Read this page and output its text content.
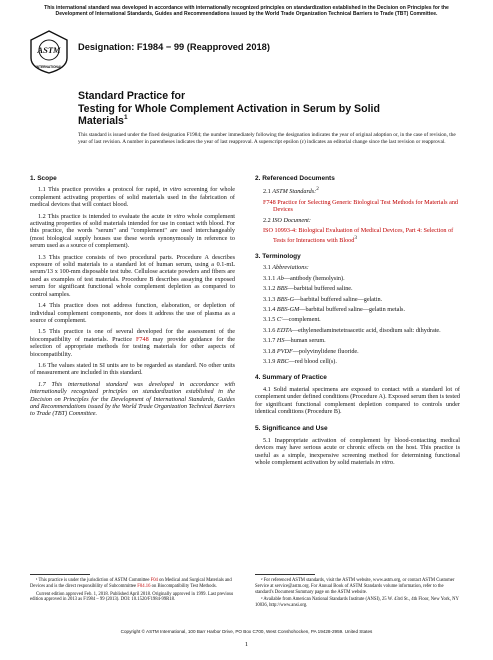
This international standard was developed in accordance with internationally recognized principles on standardization established in the Decision on Principles for the Development of International Standards, Guides and Recommendations issued by the World Trade Organization Technical Barriers to Trade (TBT) Committee.
ASTM
INTERNATIONAL
Designation: F1984 − 99 (Reapproved 2018)
Standard Practice for
Testing for Whole Complement Activation in Serum by Solid
Materials$^1$
This standard is issued under the fixed designation F1984; the number immediately following the designation indicates the year of original adoption or, in the case of revision, the year of last revision. A number in parentheses indicates the year of last reapproval. A superscript epsilon (ε) indicates an editorial change since the last revision or reapproval.
1. Scope

1.1 This practice provides a protocol for rapid, in vitro screening for whole complement activating properties of solid materials used in the fabrication of medical devices that will contact blood.

1.2 This practice is intended to evaluate the acute in vitro whole complement activating properties of solid materials intended for use in contact with blood. For this practice, the words "serum" and "complement" are used interchangeably (most biological supply houses use these words synonymously in reference to serum used as a source of complement).

1.3 This practice consists of two procedural parts. Procedure A describes exposure of solid materials to a standard lot of human serum, using a 0.1-mL serum/13 x 100-mm disposable test tube. Cellulose acetate powders and fibers are used as examples of test materials. Procedure B describes assaying the exposed serum for significant functional whole complement depletion as compared to control samples.

1.4 This practice does not address function, elaboration, or depletion of individual complement components, nor does it address the use of plasma as a source of complement.

1.5 This practice is one of several developed for the assessment of the biocompatibility of materials. Practice F748 may provide guidance for the selection of appropriate methods for testing materials for other aspects of biocompatibility.

1.6 The values stated in SI units are to be regarded as standard. No other units of measurement are included in this standard.

1.7 This international standard was developed in accordance with internationally recognized principles on standardization established in the Decision on Principles for the Development of International Standards, Guides and Recommendations issued by the World Trade Organization Technical Barriers to Trade (TBT) Committee.

2. Referenced Documents
2.1 ASTM Standards:$^2$
F748 Practice for Selecting Generic Biological Test Methods for Materials and Devices
2.2 ISO Document:
ISO 10993-4: Biological Evaluation of Medical Devices, Part 4: Selection of Tests for Interactions with Blood$^3$
3. Terminology
3.1 Abbreviations:
3.1.1 Ab—antibody (hemolysin).
3.1.2 BBS—barbital buffered saline.
3.1.3 BBS-G—barbital buffered saline—gelatin.
3.1.4 BBS-GM—barbital buffered saline—gelatin metals.
3.1.5 C′—complement.
3.1.6 EDTA—ethylenediaminetetraacetic acid, disodium salt: dihydrate.
3.1.7 HS—human serum.
3.1.8 PVDF—polyvinylidene fluoride.
3.1.9 RBC—red blood cell(s).
4. Summary of Practice

4.1 Solid material specimens are exposed to contact with a standard lot of complement under defined conditions (Procedure A). Exposed serum then is tested for significant functional complement depletion compared to controls under identical conditions (Procedure B).

5. Significance and Use

5.1 Inappropriate activation of complement by blood-contacting medical devices may have serious acute or chronic effects on the host. This practice is useful as a simple, inexpensive screening method for determining functional whole complement activation by solid materials in vitro.

¹ This practice is under the jurisdiction of ASTM Committee F04 on Medical and Surgical Materials and Devices and is the direct responsibility of Subcommittee F04.16 on Biocompatibility Test Methods.

Current edition approved Feb. 1, 2018. Published April 2018. Originally approved in 1999. Last previous edition approved in 2013 as F1984 – 99 (2013). DOI: 10.1520/F1984-99R18.

² For referenced ASTM standards, visit the ASTM website, www.astm.org, or contact ASTM Customer Service at service@astm.org. For Annual Book of ASTM Standards volume information, refer to the standard's Document Summary page on the ASTM website.

³ Available from American National Standards Institute (ANSI), 25 W. 43rd St., 4th Floor, New York, NY 10036, http://www.ansi.org.

Copyright © ASTM International, 100 Barr Harbor Drive, PO Box C700, West Conshohocken, PA 19428-2959. United States
1
